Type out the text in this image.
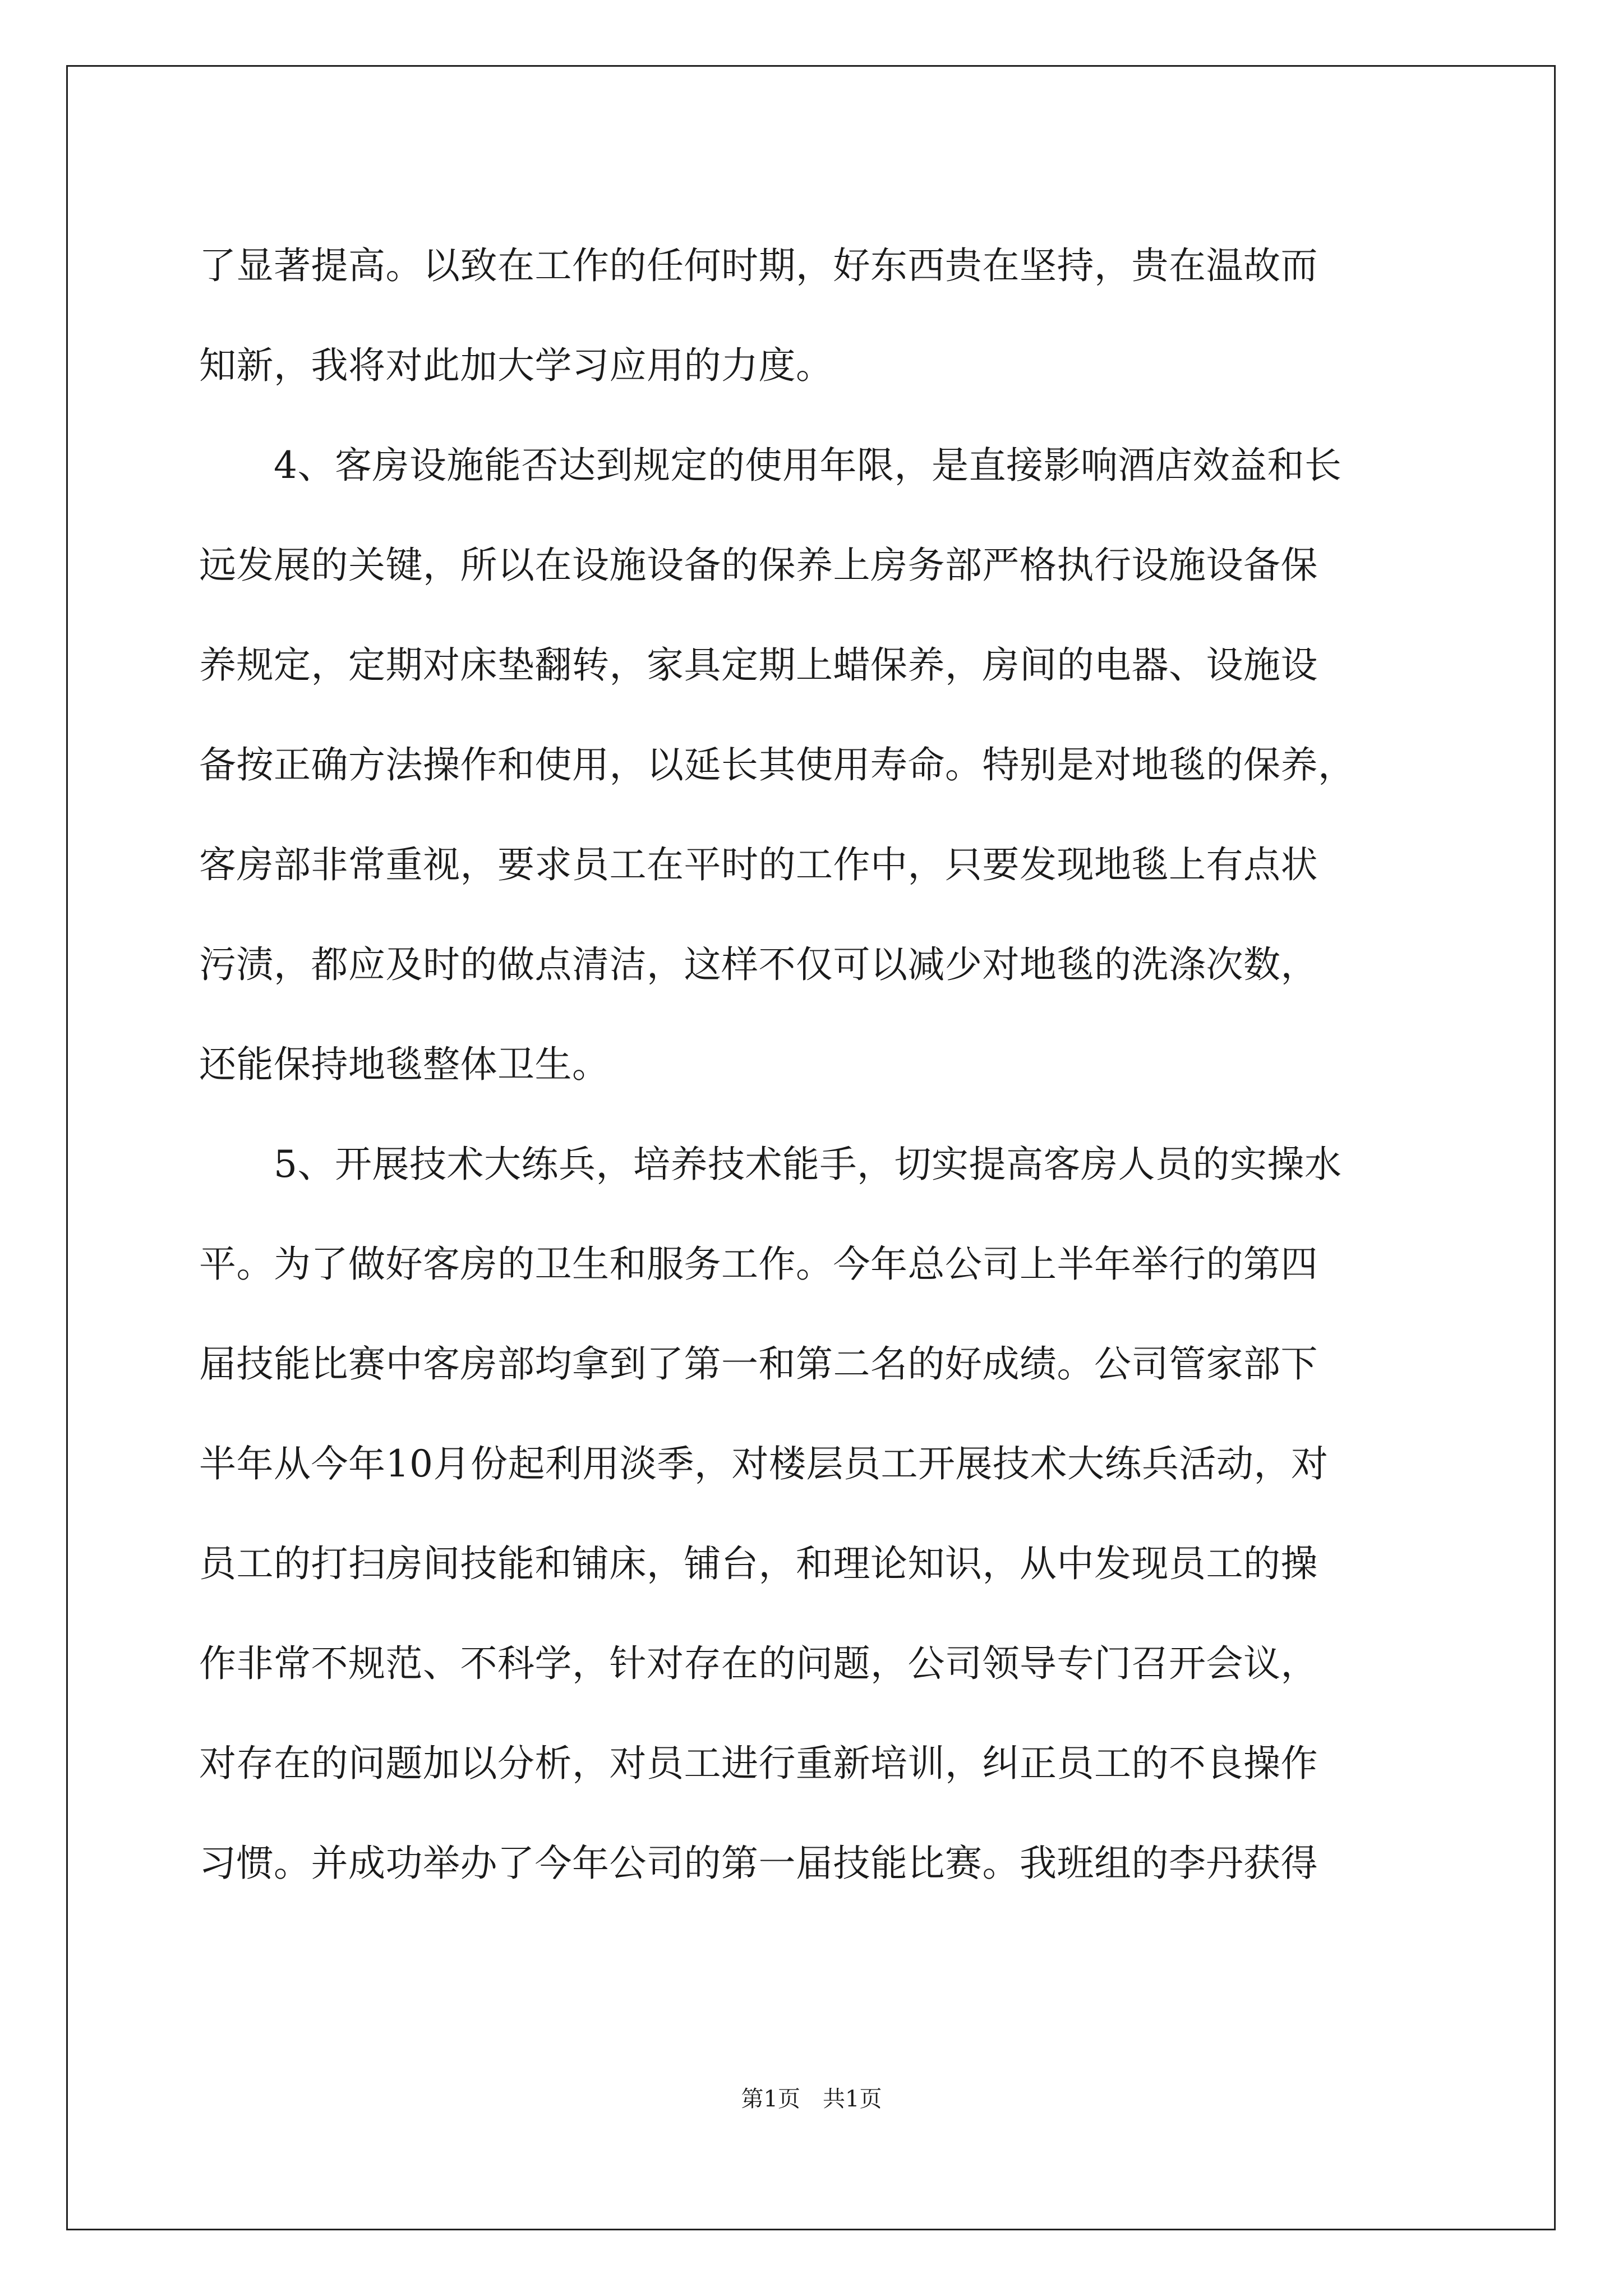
了显著提高。以致在工作的任何时期，好东西贵在坚持，贵在温故而
知新，我将对此加大学习应用的力度。
　　4、客房设施能否达到规定的使用年限，是直接影响酒店效益和长
远发展的关键，所以在设施设备的保养上房务部严格执行设施设备保
养规定，定期对床垫翻转，家具定期上蜡保养，房间的电器、设施设
备按正确方法操作和使用，以延长其使用寿命。特别是对地毯的保养，
客房部非常重视，要求员工在平时的工作中，只要发现地毯上有点状
污渍，都应及时的做点清洁，这样不仅可以减少对地毯的洗涤次数，
还能保持地毯整体卫生。
　　5、开展技术大练兵，培养技术能手，切实提高客房人员的实操水
平。为了做好客房的卫生和服务工作。今年总公司上半年举行的第四
届技能比赛中客房部均拿到了第一和第二名的好成绩。公司管家部下
半年从今年10月份起利用淡季，对楼层员工开展技术大练兵活动，对
员工的打扫房间技能和铺床，铺台，和理论知识，从中发现员工的操
作非常不规范、不科学，针对存在的问题，公司领导专门召开会议，
对存在的问题加以分析，对员工进行重新培训，纠正员工的不良操作
习惯。并成功举办了今年公司的第一届技能比赛。我班组的李丹获得
第1页　共1页
